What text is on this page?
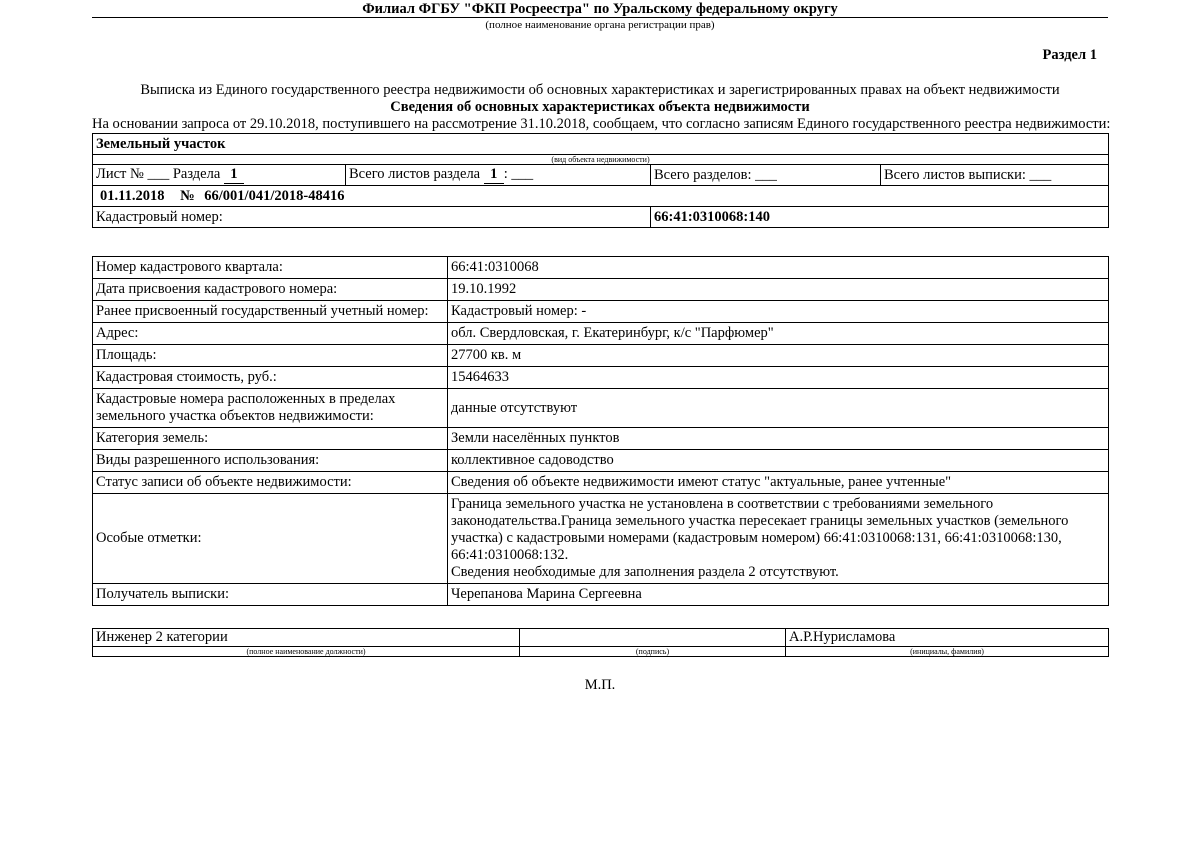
Филиал ФГБУ "ФКП Росреестра" по Уральскому федеральному округу
(полное наименование органа регистрации прав)
Раздел 1
Выписка из Единого государственного реестра недвижимости об основных характеристиках и зарегистрированных правах на объект недвижимости
Сведения об основных характеристиках объекта недвижимости
На основании запроса от 29.10.2018, поступившего на рассмотрение 31.10.2018, сообщаем, что согласно записям Единого государственного реестра недвижимости:
Земельный участок			
(вид объекта недвижимости)			
Лист № ___ Раздела 1	Всего листов раздела 1 : ___	Всего разделов: ___	Всего листов выписки: ___
01.11.2018 № 66/001/041/2018-48416			
Кадастровый номер:		66:41:0310068:140	
Номер кадастрового квартала:	66:41:0310068
Дата присвоения кадастрового номера:	19.10.1992
Ранее присвоенный государственный учетный номер:	Кадастровый номер: -
Адрес:	обл. Свердловская, г. Екатеринбург, к/с "Парфюмер"
Площадь:	27700 кв. м
Кадастровая стоимость, руб.:	15464633
Кадастровые номера расположенных в пределах земельного участка объектов недвижимости:	данные отсутствуют
Категория земель:	Земли населённых пунктов
Виды разрешенного использования:	коллективное садоводство
Статус записи об объекте недвижимости:	Сведения об объекте недвижимости имеют статус "актуальные, ранее учтенные"
Особые отметки:	Граница земельного участка не установлена в соответствии с требованиями земельного законодательства.Граница земельного участка пересекает границы земельных участков (земельного участка) с кадастровыми номерами (кадастровым номером) 66:41:0310068:131, 66:41:0310068:130, 66:41:0310068:132.
Сведения необходимые для заполнения раздела 2 отсутствуют.
Получатель выписки:	Черепанова Марина Сергеевна
Инженер 2 категории		А.Р.Нурисламова
(полное наименование должности)	(подпись)	(инициалы, фамилия)
М.П.
